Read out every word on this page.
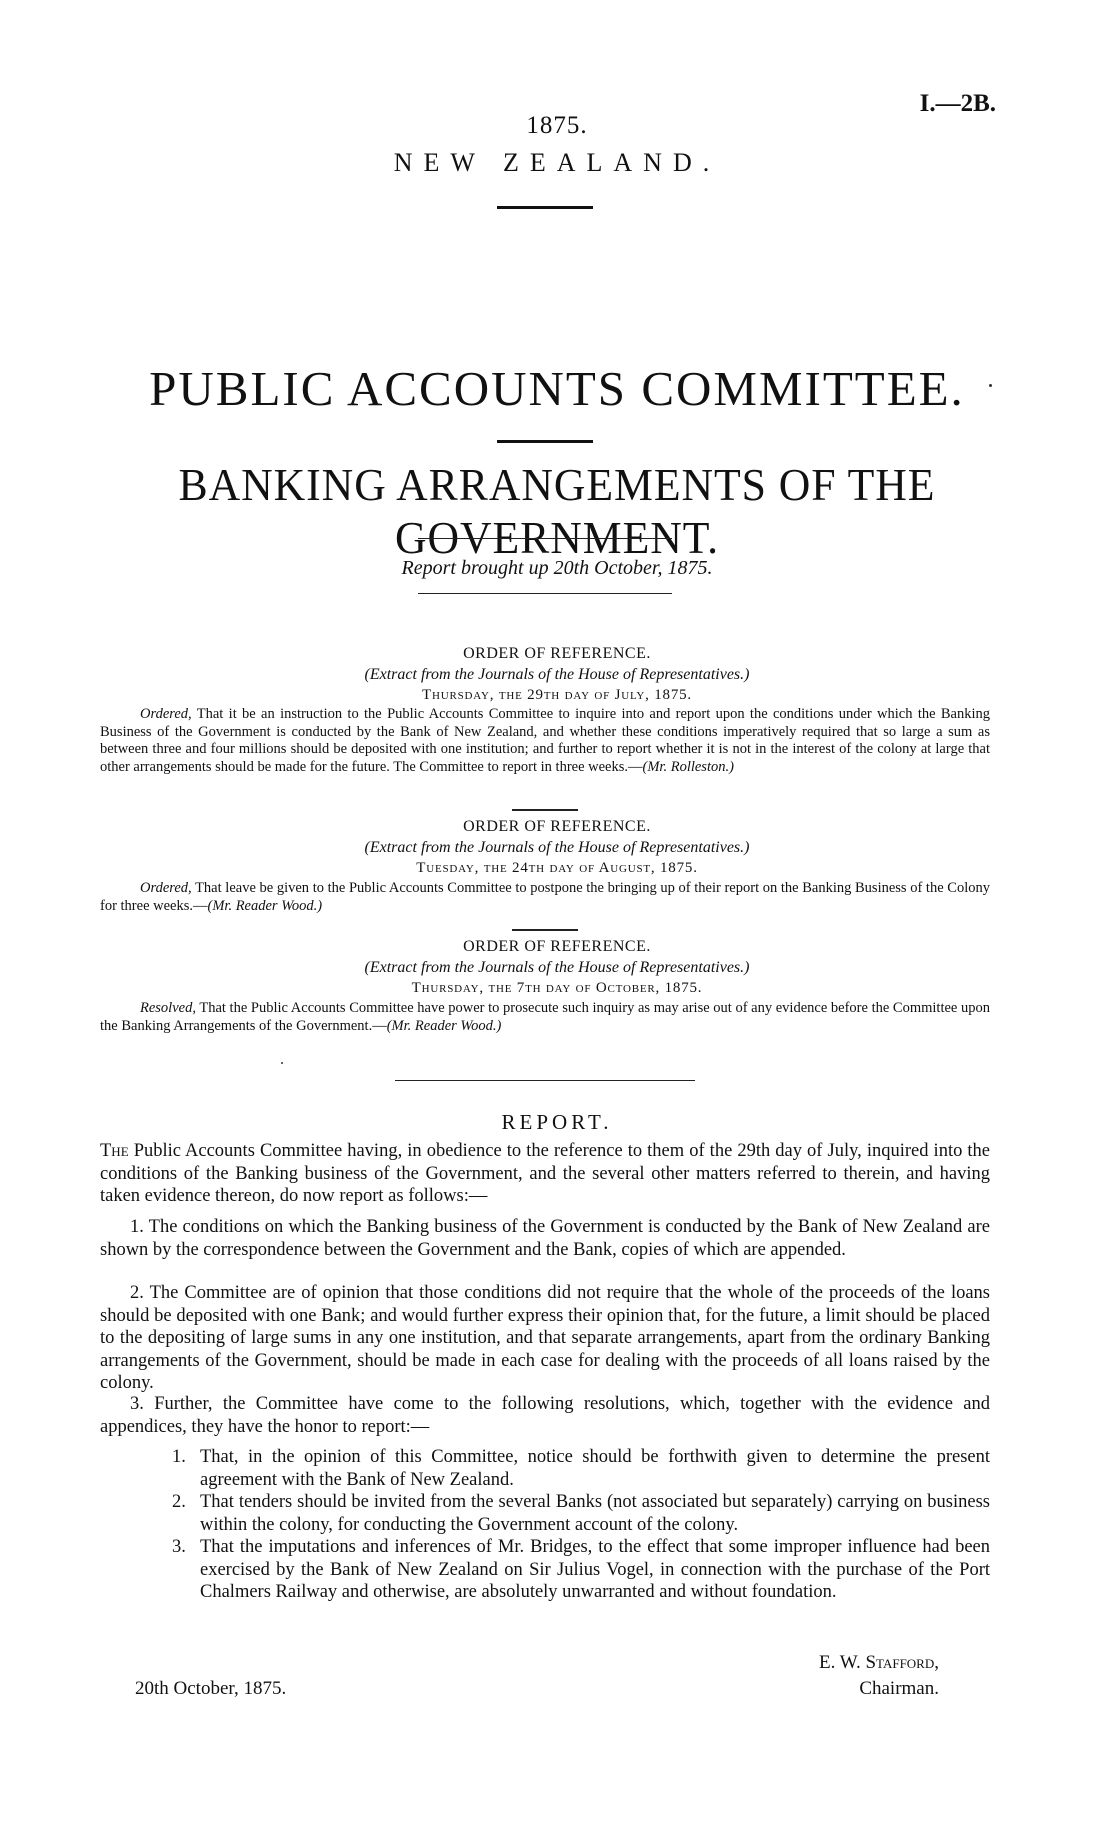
I.—2B.
1875.
NEW ZEALAND.
PUBLIC ACCOUNTS COMMITTEE.
BANKING ARRANGEMENTS OF THE GOVERNMENT.
Report brought up 20th October, 1875.
ORDER OF REFERENCE.
(Extract from the Journals of the House of Representatives.)
Thursday, the 29th day of July, 1875.
Ordered, That it be an instruction to the Public Accounts Committee to inquire into and report upon the conditions under which the Banking Business of the Government is conducted by the Bank of New Zealand, and whether these conditions imperatively required that so large a sum as between three and four millions should be deposited with one institution; and further to report whether it is not in the interest of the colony at large that other arrangements should be made for the future. The Committee to report in three weeks.—(Mr. Rolleston.)
ORDER OF REFERENCE.
(Extract from the Journals of the House of Representatives.)
Tuesday, the 24th day of August, 1875.
Ordered, That leave be given to the Public Accounts Committee to postpone the bringing up of their report on the Banking Business of the Colony for three weeks.—(Mr. Reader Wood.)
ORDER OF REFERENCE.
(Extract from the Journals of the House of Representatives.)
Thursday, the 7th day of October, 1875.
Resolved, That the Public Accounts Committee have power to prosecute such inquiry as may arise out of any evidence before the Committee upon the Banking Arrangements of the Government.—(Mr. Reader Wood.)
REPORT.
The Public Accounts Committee having, in obedience to the reference to them of the 29th day of July, inquired into the conditions of the Banking business of the Government, and the several other matters referred to therein, and having taken evidence thereon, do now report as follows:—
1. The conditions on which the Banking business of the Government is conducted by the Bank of New Zealand are shown by the correspondence between the Government and the Bank, copies of which are appended.
2. The Committee are of opinion that those conditions did not require that the whole of the proceeds of the loans should be deposited with one Bank; and would further express their opinion that, for the future, a limit should be placed to the depositing of large sums in any one institution, and that separate arrangements, apart from the ordinary Banking arrangements of the Government, should be made in each case for dealing with the proceeds of all loans raised by the colony.
3. Further, the Committee have come to the following resolutions, which, together with the evidence and appendices, they have the honor to report:—
1. That, in the opinion of this Committee, notice should be forthwith given to determine the present agreement with the Bank of New Zealand.
2. That tenders should be invited from the several Banks (not associated but separately) carrying on business within the colony, for conducting the Government account of the colony.
3. That the imputations and inferences of Mr. Bridges, to the effect that some improper influence had been exercised by the Bank of New Zealand on Sir Julius Vogel, in connection with the purchase of the Port Chalmers Railway and otherwise, are absolutely unwarranted and without foundation.
E. W. Stafford,
Chairman.
20th October, 1875.
